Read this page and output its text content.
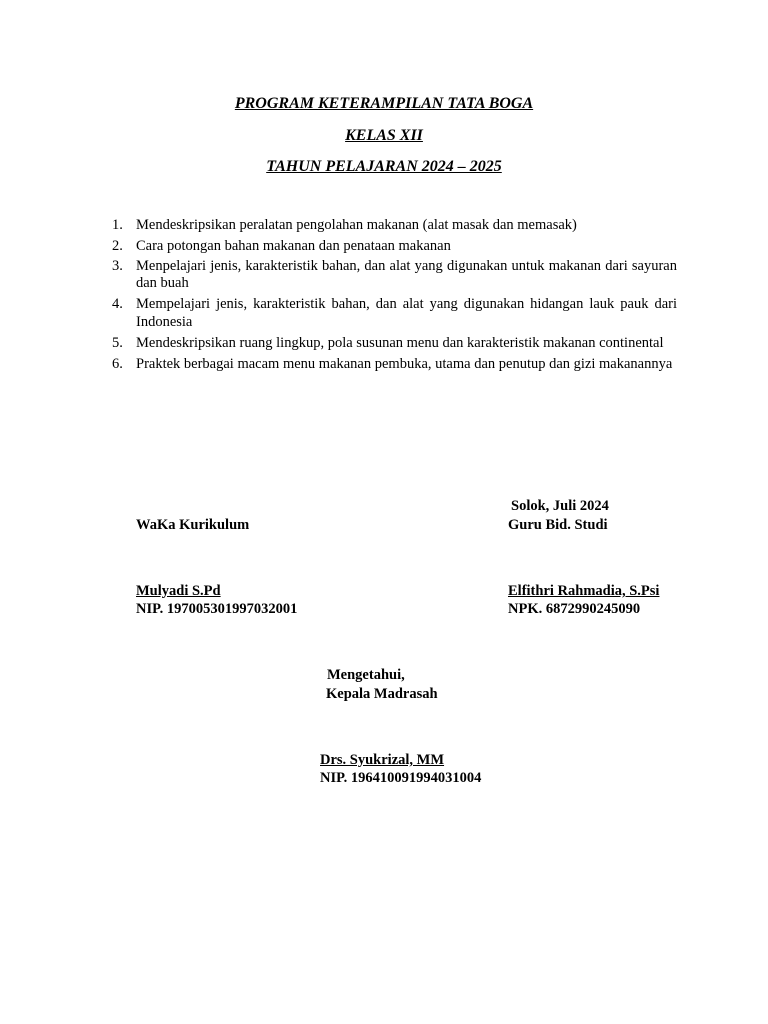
PROGRAM KETERAMPILAN TATA BOGA
KELAS XII
TAHUN PELAJARAN 2024 – 2025
1. Mendeskripsikan peralatan pengolahan makanan (alat masak dan memasak)
2. Cara potongan bahan makanan dan penataan makanan
3. Menpelajari jenis, karakteristik bahan, dan alat yang digunakan untuk makanan dari sayuran dan buah
4. Mempelajari jenis, karakteristik bahan, dan alat yang digunakan hidangan lauk pauk dari Indonesia
5. Mendeskripsikan ruang lingkup, pola susunan menu dan karakteristik makanan continental
6. Praktek berbagai macam menu makanan pembuka, utama dan penutup dan gizi makanannya
Solok, Juli 2024
WaKa Kurikulum	Guru Bid. Studi
Mulyadi S.Pd
NIP. 197005301997032001
Elfithri Rahmadia, S.Psi
NPK. 6872990245090
Mengetahui,
Kepala Madrasah
Drs. Syukrizal, MM
NIP. 196410091994031004
